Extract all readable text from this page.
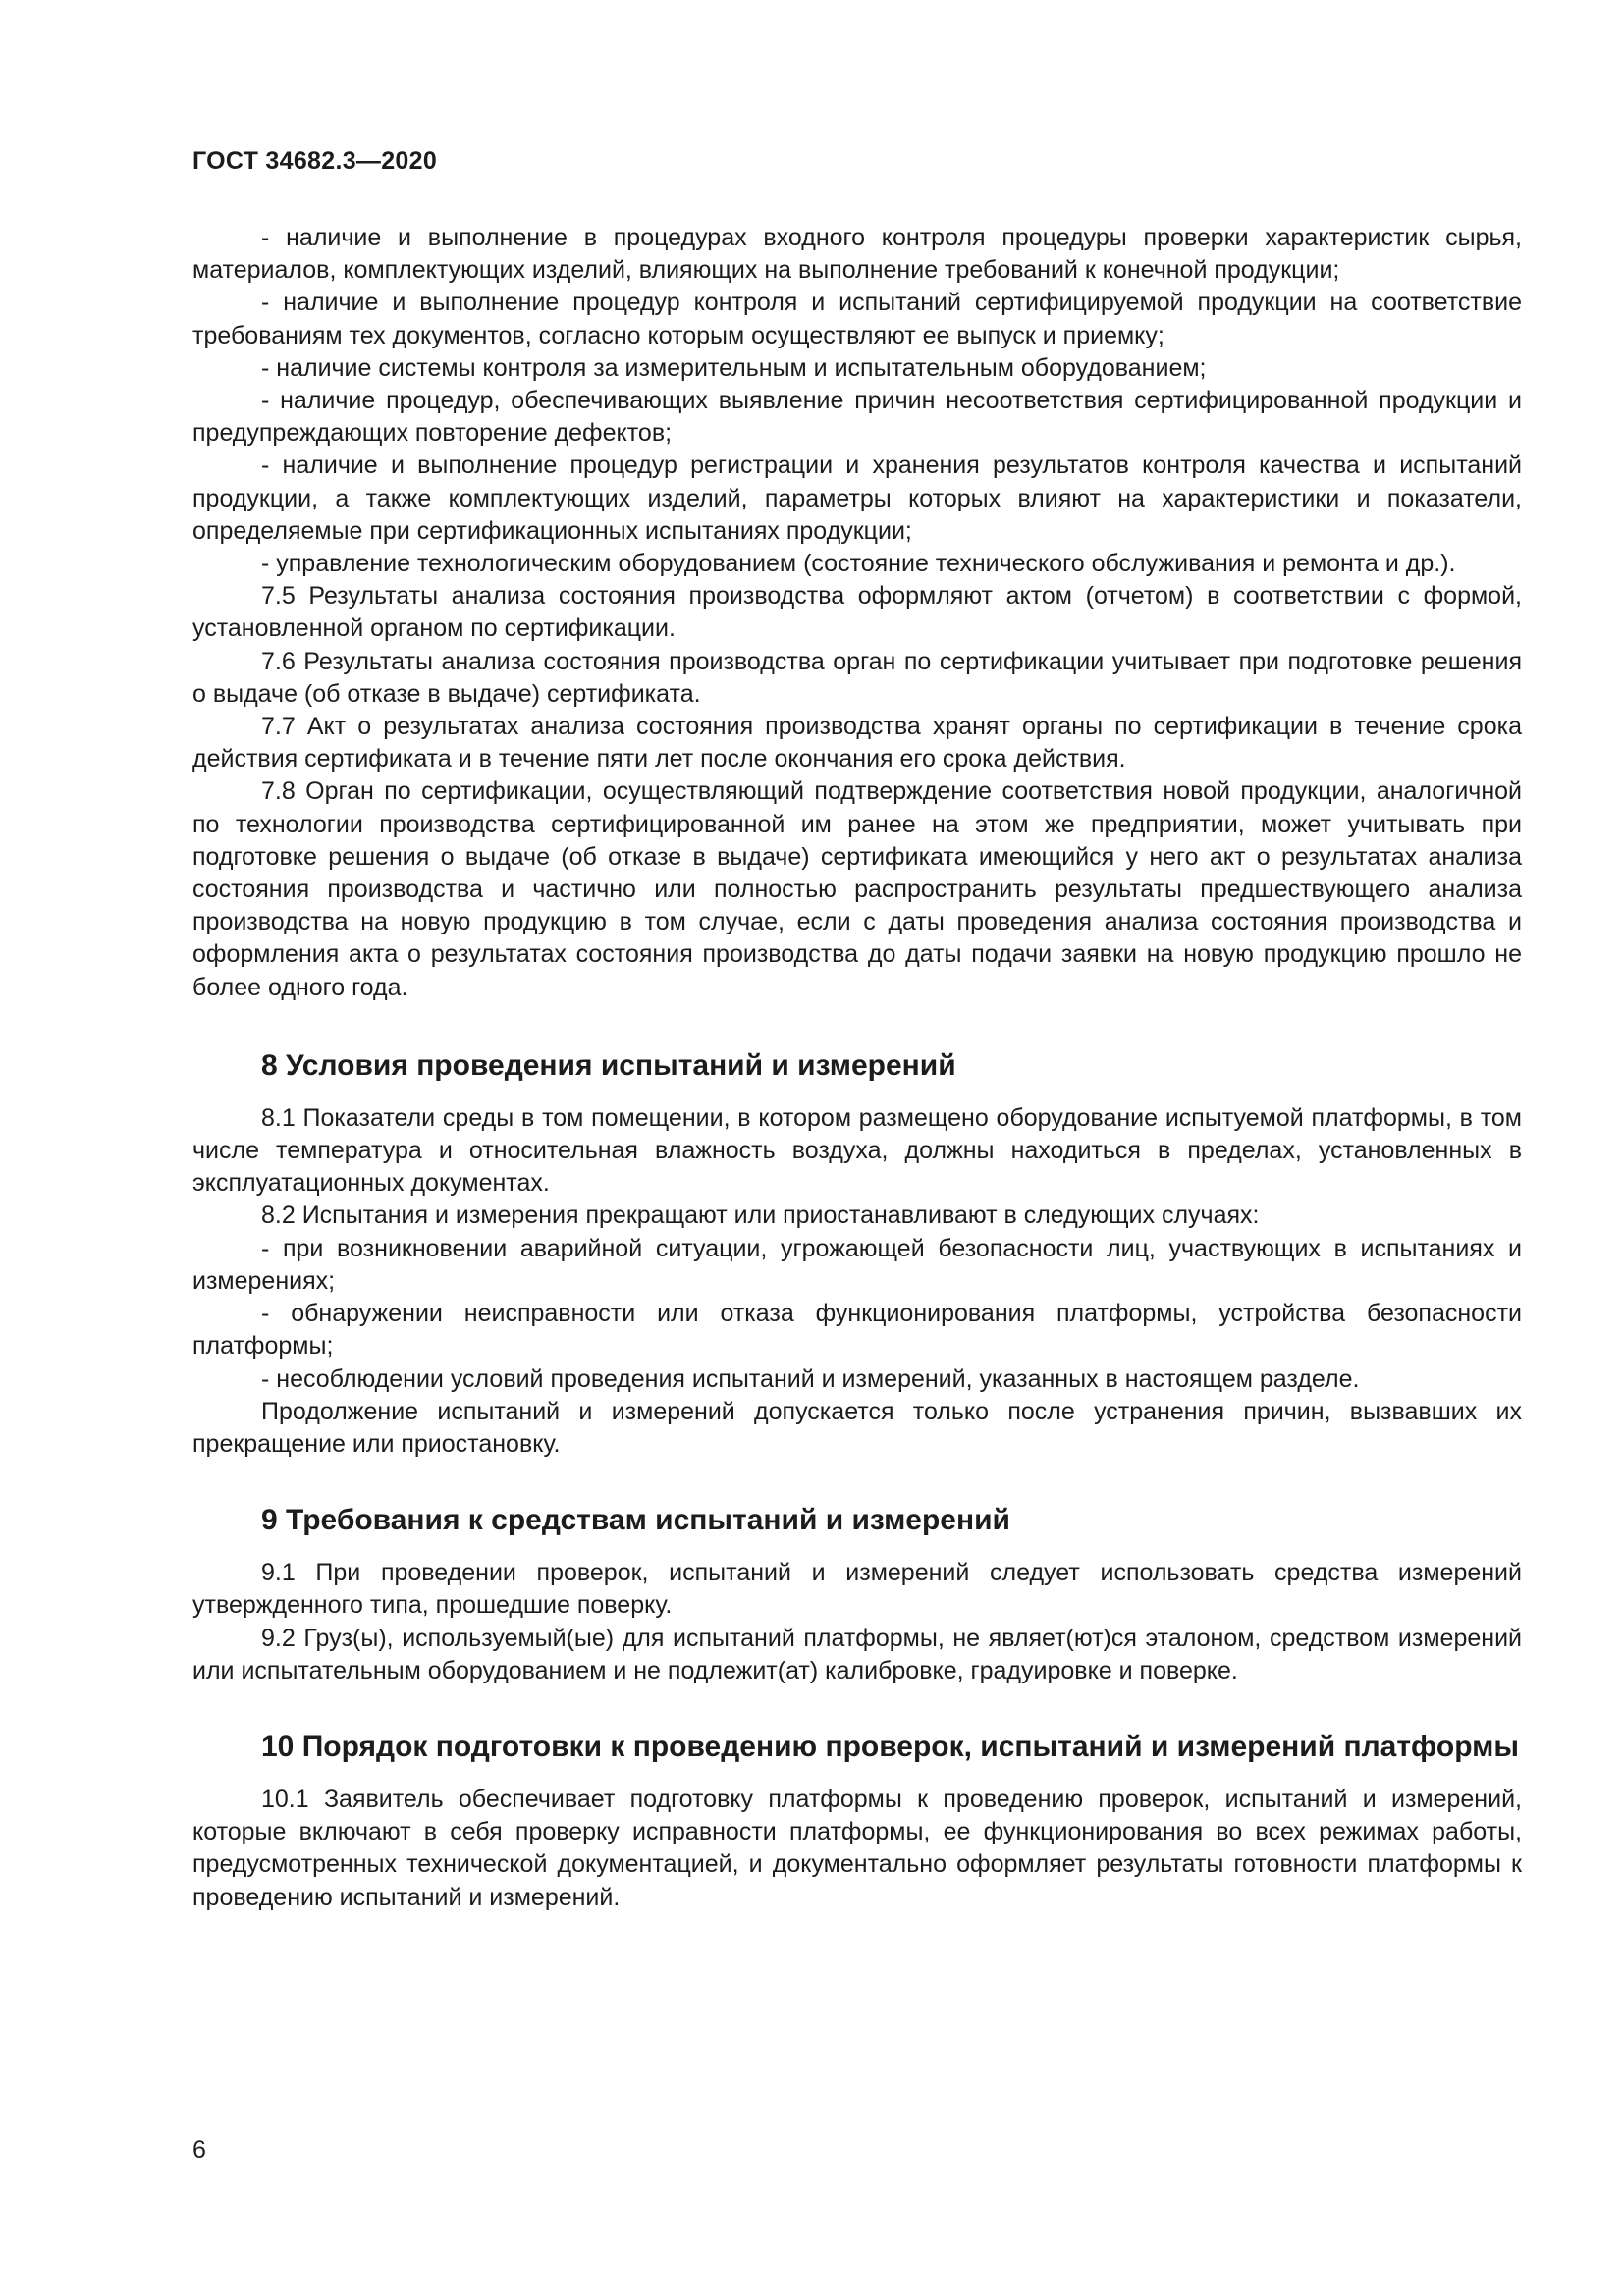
ГОСТ 34682.3—2020

- наличие и выполнение в процедурах входного контроля процедуры проверки характеристик сырья, материалов, комплектующих изделий, влияющих на выполнение требований к конечной продукции;

- наличие и выполнение процедур контроля и испытаний сертифицируемой продукции на соответствие требованиям тех документов, согласно которым осуществляют ее выпуск и приемку;

- наличие системы контроля за измерительным и испытательным оборудованием;

- наличие процедур, обеспечивающих выявление причин несоответствия сертифицированной продукции и предупреждающих повторение дефектов;

- наличие и выполнение процедур регистрации и хранения результатов контроля качества и испытаний продукции, а также комплектующих изделий, параметры которых влияют на характеристики и показатели, определяемые при сертификационных испытаниях продукции;

- управление технологическим оборудованием (состояние технического обслуживания и ремонта и др.).

7.5 Результаты анализа состояния производства оформляют актом (отчетом) в соответствии с формой, установленной органом по сертификации.

7.6 Результаты анализа состояния производства орган по сертификации учитывает при подготовке решения о выдаче (об отказе в выдаче) сертификата.

7.7 Акт о результатах анализа состояния производства хранят органы по сертификации в течение срока действия сертификата и в течение пяти лет после окончания его срока действия.

7.8 Орган по сертификации, осуществляющий подтверждение соответствия новой продукции, аналогичной по технологии производства сертифицированной им ранее на этом же предприятии, может учитывать при подготовке решения о выдаче (об отказе в выдаче) сертификата имеющийся у него акт о результатах анализа состояния производства и частично или полностью распространить результаты предшествующего анализа производства на новую продукцию в том случае, если с даты проведения анализа состояния производства и оформления акта о результатах состояния производства до даты подачи заявки на новую продукцию прошло не более одного года.

8 Условия проведения испытаний и измерений

8.1 Показатели среды в том помещении, в котором размещено оборудование испытуемой платформы, в том числе температура и относительная влажность воздуха, должны находиться в пределах, установленных в эксплуатационных документах.

8.2 Испытания и измерения прекращают или приостанавливают в следующих случаях:

- при возникновении аварийной ситуации, угрожающей безопасности лиц, участвующих в испытаниях и измерениях;

- обнаружении неисправности или отказа функционирования платформы, устройства безопасности платформы;

- несоблюдении условий проведения испытаний и измерений, указанных в настоящем разделе.

Продолжение испытаний и измерений допускается только после устранения причин, вызвавших их прекращение или приостановку.

9 Требования к средствам испытаний и измерений

9.1 При проведении проверок, испытаний и измерений следует использовать средства измерений утвержденного типа, прошедшие поверку.

9.2 Груз(ы), используемый(ые) для испытаний платформы, не являет(ют)ся эталоном, средством измерений или испытательным оборудованием и не подлежит(ат) калибровке, градуировке и поверке.

10 Порядок подготовки к проведению проверок, испытаний и измерений платформы

10.1 Заявитель обеспечивает подготовку платформы к проведению проверок, испытаний и измерений, которые включают в себя проверку исправности платформы, ее функционирования во всех режимах работы, предусмотренных технической документацией, и документально оформляет результаты готовности платформы к проведению испытаний и измерений.

6
